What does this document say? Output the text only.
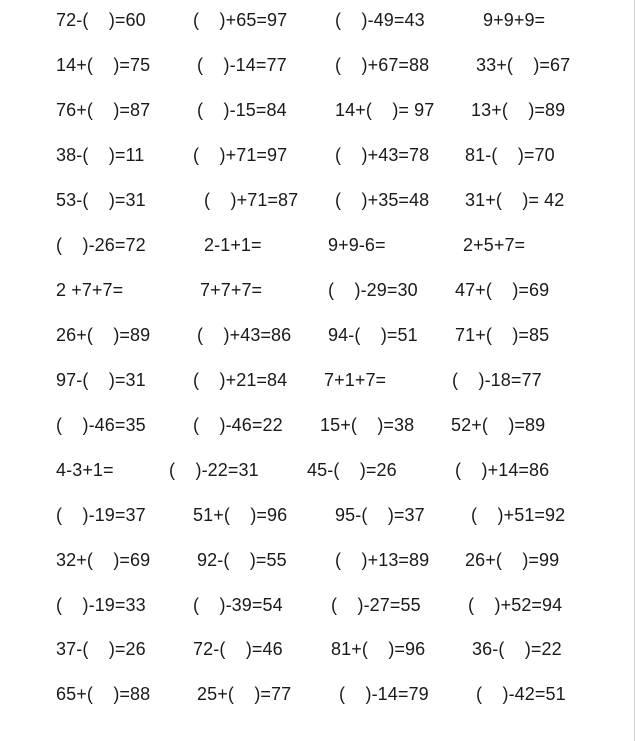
72-(    )=60	(    )+65=97	(    )-49=43	9+9+9=
14+(    )=75	(    )-14=77	(    )+67=88	33+(    )=67
76+(    )=87	(    )-15=84	14+(    )= 97 13+(    )=89
38-(    )=11	(    )+71=97	(    )+43=78 81-(    )=70
53-(    )=31	(    )+71=87 (    )+35=48 31+(    )= 42
(    )-26=72	2-1+1=	9+9-6=	2+5+7=
2 +7+7=	7+7+7=	(    )-29=30 47+(    )=69
26+(    )=89	(    )+43=86 94-(    )=51 71+(    )=85
97-(    )=31	(    )+21=84 7+1+7=	(    )-18=77
(    )-46=35	(    )-46=22 15+(    )=38 52+(    )=89
4-3+1=	(    )-22=31	45-(    )=26	(    )+14=86
(    )-19=37	51+(    )=96	95-(    )=37	(    )+51=92
32+(    )=69	92-(    )=55	(    )+13=89 26+(    )=99
(    )-19=33	(    )-39=54	(    )-27=55	(    )+52=94
37-(    )=26	72-(    )=46	81+(    )=96	36-(    )=22
65+(    )=88	25+(    )=77	(    )-14=79	(    )-42=51
